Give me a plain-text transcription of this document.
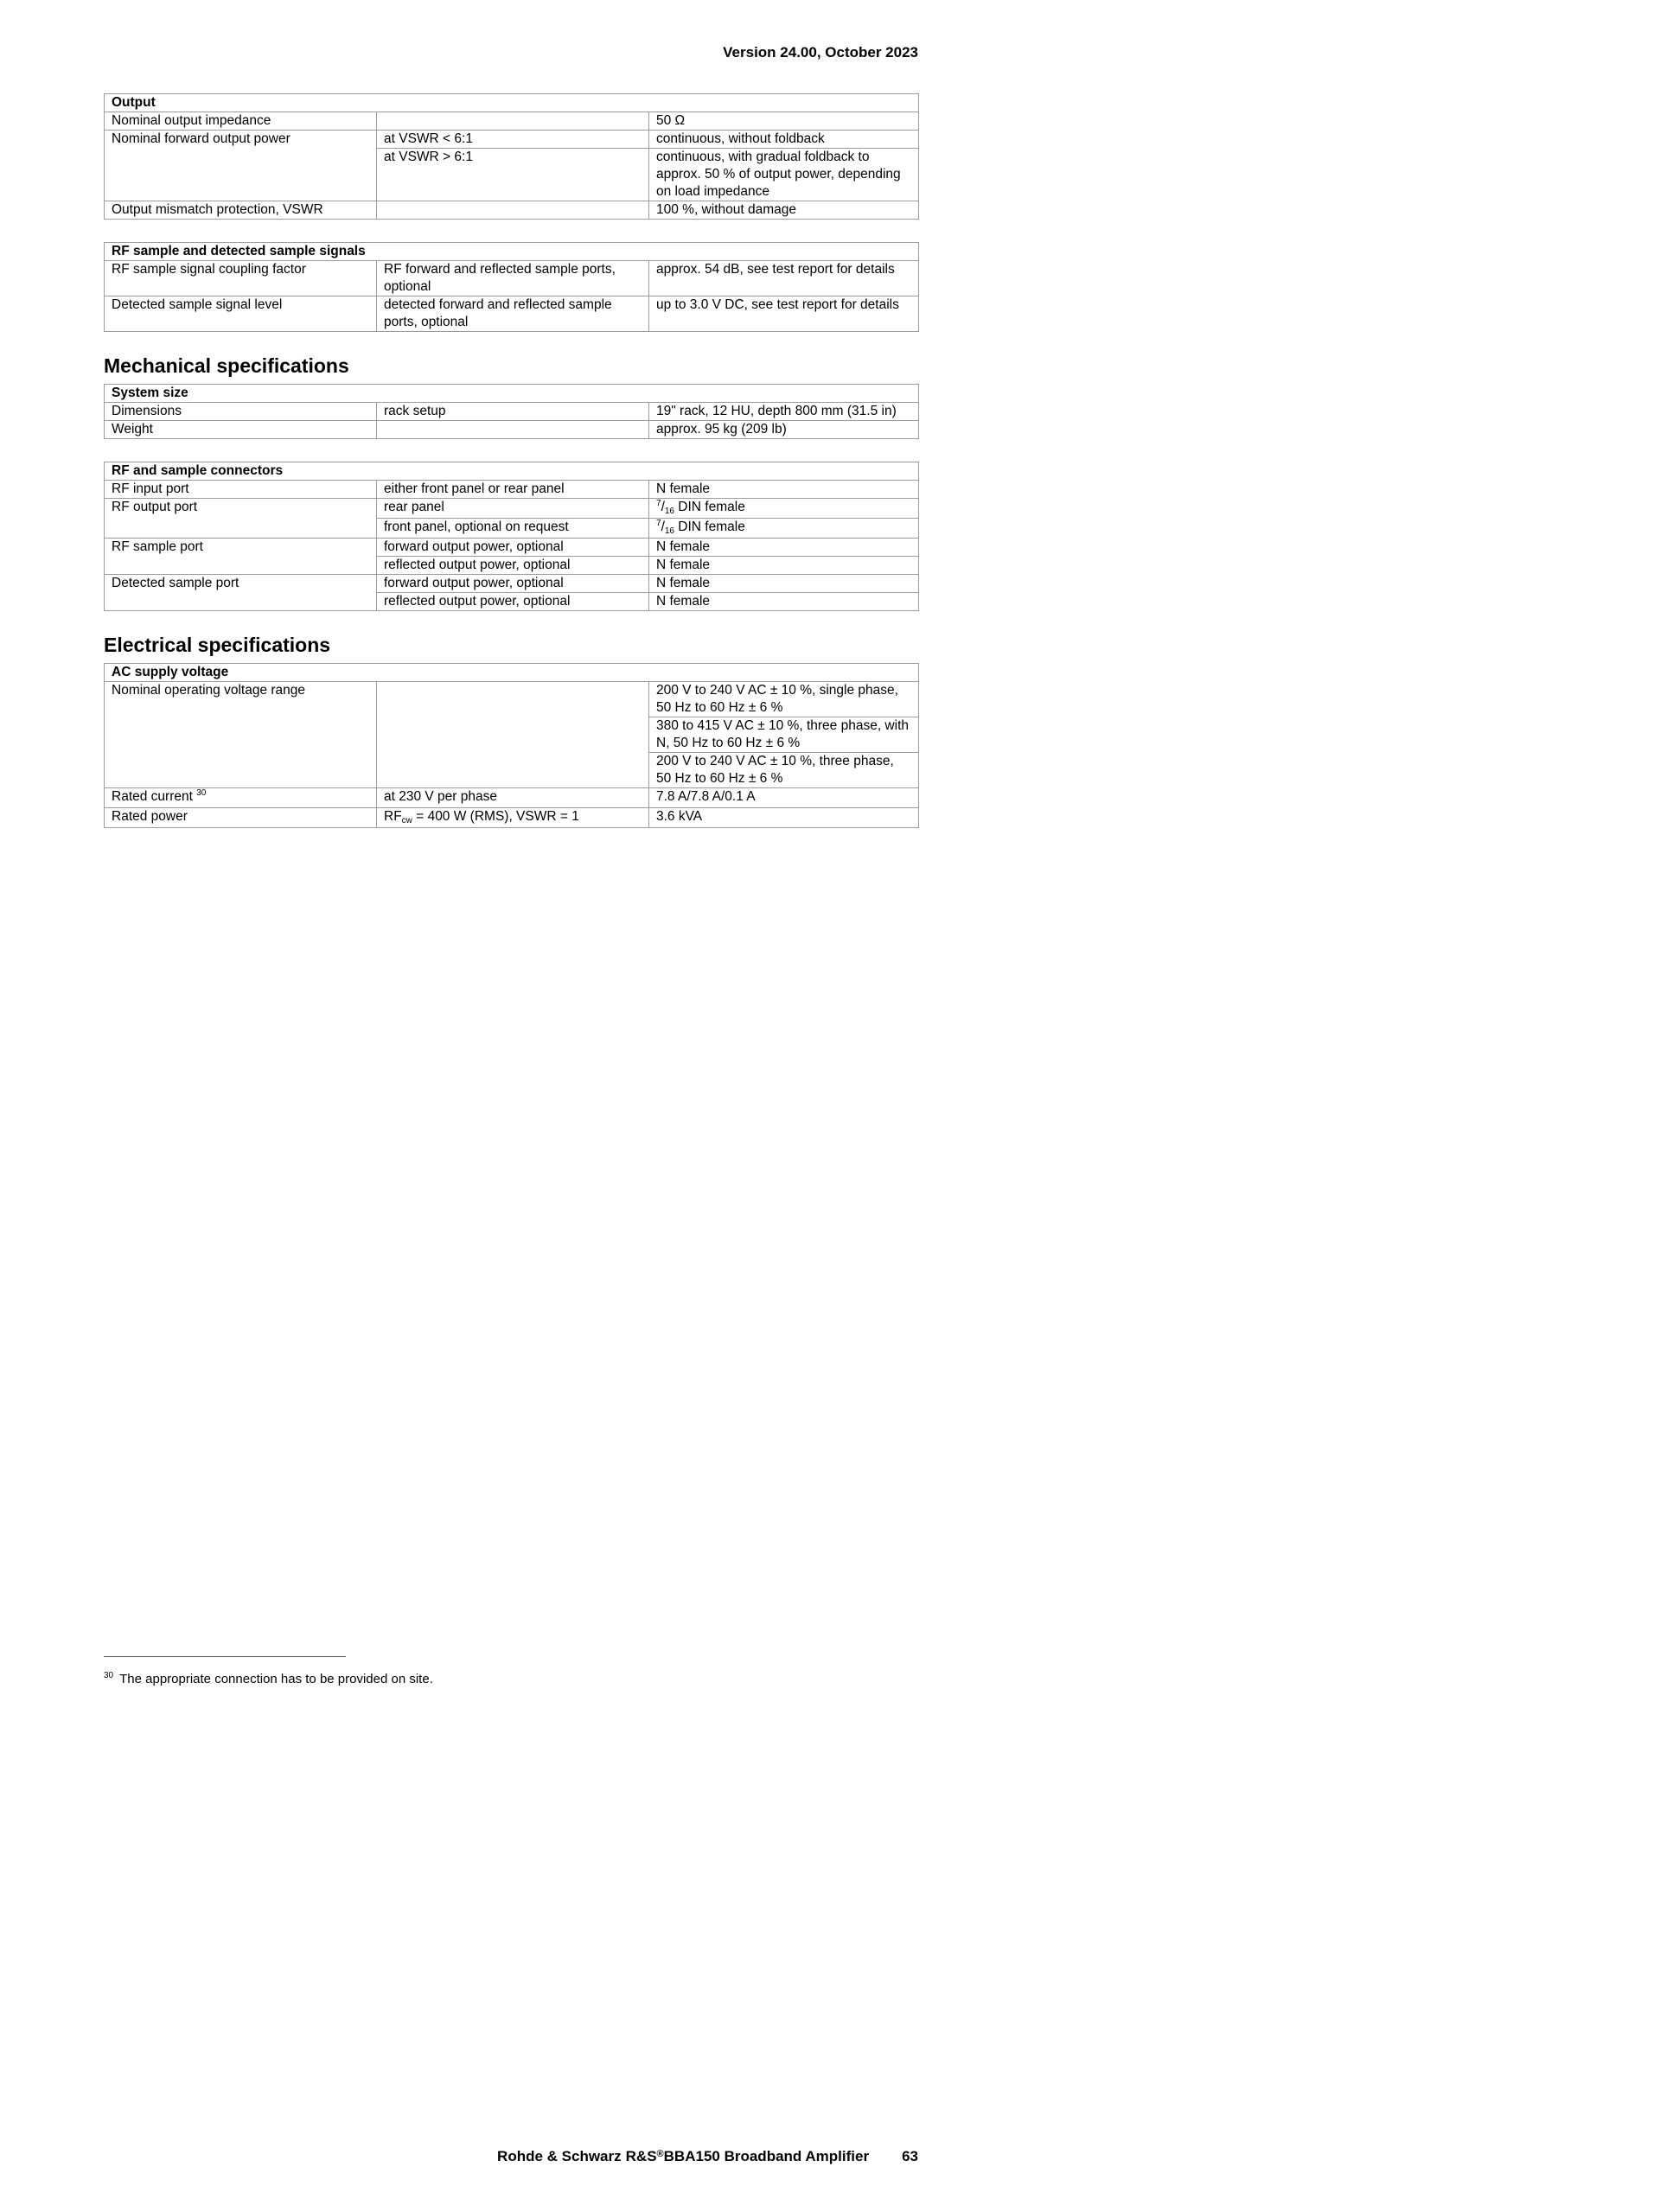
Version 24.00, October 2023
Output		
Nominal output impedance		50 Ω
Nominal forward output power	at VSWR < 6:1	continuous, without foldback
	at VSWR > 6:1	continuous, with gradual foldback to approx. 50 % of output power, depending on load impedance
Output mismatch protection, VSWR		100 %, without damage
RF sample and detected sample signals		
RF sample signal coupling factor	RF forward and reflected sample ports, optional	approx. 54 dB, see test report for details
Detected sample signal level	detected forward and reflected sample ports, optional	up to 3.0 V DC, see test report for details
Mechanical specifications
System size		
Dimensions	rack setup	19" rack, 12 HU, depth 800 mm (31.5 in)
Weight		approx. 95 kg (209 lb)
RF and sample connectors		
RF input port	either front panel or rear panel	N female
RF output port	rear panel	$^7/_{16}$ DIN female
	front panel, optional on request	$^7/_{16}$ DIN female
RF sample port	forward output power, optional	N female
	reflected output power, optional	N female
Detected sample port	forward output power, optional	N female
	reflected output power, optional	N female
Electrical specifications
AC supply voltage		
Nominal operating voltage range		200 V to 240 V AC ± 10 %, single phase, 50 Hz to 60 Hz ± 6 %
		380 to 415 V AC ± 10 %, three phase, with N, 50 Hz to 60 Hz ± 6 %
		200 V to 240 V AC ± 10 %, three phase, 50 Hz to 60 Hz ± 6 %
Rated current $^{30}$	at 230 V per phase	7.8 A/7.8 A/0.1 A
Rated power	$RF_{cw} = 400$ W (RMS), VSWR = 1	3.6 kVA
$^{30}$ The appropriate connection has to be provided on site.
Rohde & Schwarz R&S®BBA150 Broadband Amplifier 63
